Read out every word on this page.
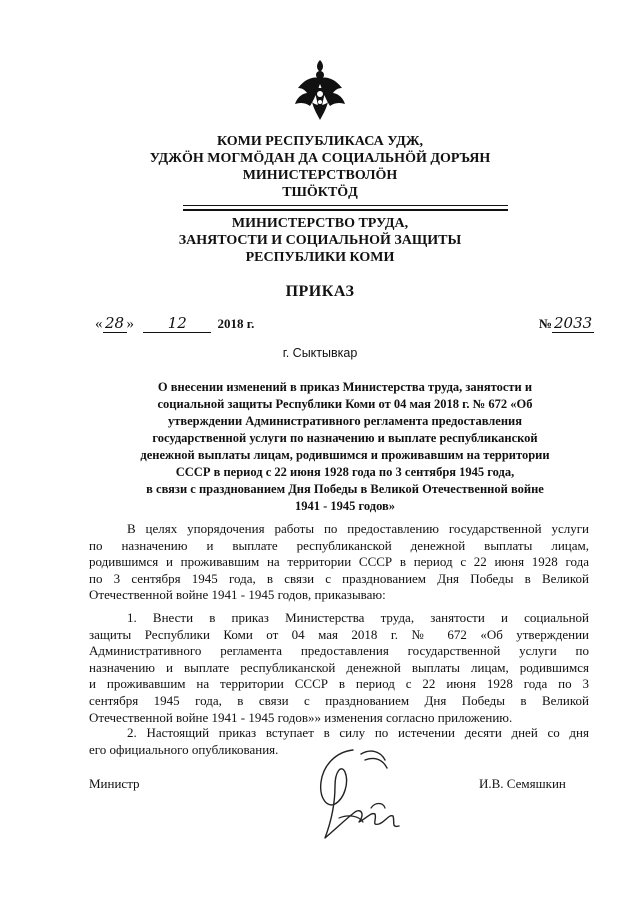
КОМИ РЕСПУБЛИКАСА УДЖ,
УДЖӦН МОГМӦДАН ДА СОЦИАЛЬНӦЙ ДОРЪЯН
МИНИСТЕРСТВОЛӦН
ТШӦКТӦД
МИНИСТЕРСТВО ТРУДА,
ЗАНЯТОСТИ И СОЦИАЛЬНОЙ ЗАЩИТЫ
РЕСПУБЛИКИ КОМИ
ПРИКАЗ
« 28 » 12 2018 г.	№ 2033
г. Сыктывкар
О внесении изменений в приказ Министерства труда, занятости и
социальной защиты Республики Коми от 04 мая 2018 г. № 672 «Об
утверждении Административного регламента предоставления
государственной услуги по назначению и выплате республиканской
денежной выплаты лицам, родившимся и проживавшим на территории
СССР в период с 22 июня 1928 года по 3 сентября 1945 года,
в связи с празднованием Дня Победы в Великой Отечественной войне
1941 - 1945 годов»
В целях упорядочения работы по предоставлению государственной услуги
по назначению и выплате республиканской денежной выплаты лицам,
родившимся и проживавшим на территории СССР в период с 22 июня 1928 года
по 3 сентября 1945 года, в связи с празднованием Дня Победы в Великой
Отечественной войне 1941 - 1945 годов, приказываю:
1. Внести в приказ Министерства труда, занятости и социальной
защиты Республики Коми от 04 мая 2018 г. № 672 «Об утверждении
Административного регламента предоставления государственной услуги по
назначению и выплате республиканской денежной выплаты лицам, родившимся
и проживавшим на территории СССР в период с 22 июня 1928 года по 3
сентября 1945 года, в связи с празднованием Дня Победы в Великой
Отечественной войне 1941 - 1945 годов»» изменения согласно приложению.
2. Настоящий приказ вступает в силу по истечении десяти дней со дня
его официального опубликования.
Министр	И.В. Семяшкин
